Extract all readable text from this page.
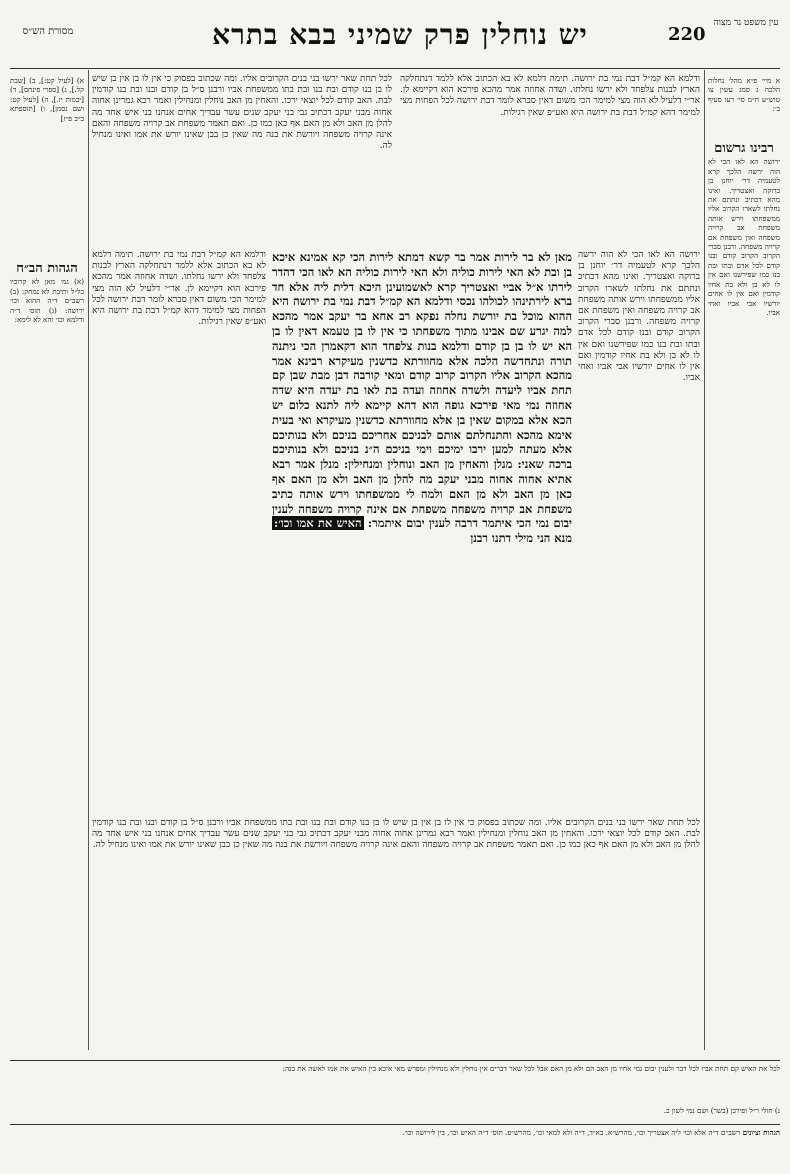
עין משפט נר מצוה
220
יש נוחלין פרק שמיני בבא בתרא
מסורת הש״ס
א מיי׳ פ״א מהל׳ נחלות הלכה ג סמג עשין צו טוש״ע ח״מ סי׳ רעו סעיף ב׳:
רבינו גרשום
ירושה הא לאו הכי לא הוה ירשה הלכך קרא לטעמיה דר׳ יוחנן בן ברוקה ואצטריך. ואינו מהא דכתיב ונתתם את נחלתו לשארו הקרוב אליו ממשפחתו וירש אותה משפחת אב קרויה משפחה ואין משפחת אם קרויה משפחה. ורבנן סברי הקרוב הקרוב קודם ובנו קודם לכל אדם ובתו ובת בנו כמו שפירשנו ואם אין לו לא בן ולא בת אחיו קודמין ואם אין לו אחים יורשיו אבי אביו ואחי אביו.
א) [לעיל קט:], ב) [שבת קל.], ג) [ספרי פינחס], ד) [יבמות יז.], ה) [לעיל קט: ושם נסמן], ו) [תוספתא ב״ב פ״ז]
הגהות הב״ח
(א) גמ׳ מאן לא קרוביו כל״ל ותיבת לא נמחק: (ב) רשב״ם ד״ה ההוא וכו׳ ירושה: (ג) תוס׳ ד״ה ודלמא וכו׳ והא לא לימא:
ודלמא הא קמ״ל דבת נמי בת ירושה. תימה דלמא לא בא הכתוב אלא ללמד דנתחלקה הארץ לבנות צלפחד ולא ירשו נחלתו. ושדה אחוזה אמר מהכא פירכא הוא דקיימא לן. אר״י דלעיל לא הוה מצי למימר הכי משום דאין סברא לומר דבת ירושה לכל הפחות מצי למימר דהא קמ״ל דבת בת ירושה היא ואע״פ שאין רגילות.
לכל תחת שאר ירשו בני בנים הקרובים אליו. ומה שכתוב בפסוק כי אין לו בן אין בן שיש לו בן בנו קודם ובת בנו ובת בתו ממשפחת אביו ורבנן ס״ל בן קודם ובנו ובת בנו קודמין לבת. האב קודם לכל יוצאי ירכו. והאחין מן האב נוחלין ומנחילין ואמר רבא גמרינן אחוה אחוה מבני יעקב דכתיב גבי בני יעקב שנים עשר עבדיך אחים אנחנו בני איש אחד מה להלן מן האב ולא מן האם אף כאן כמו כן. ואם תאמר משפחת אב קרויה משפחה והאם אינה קרויה משפחה ויורשת את בנה מה שאין כן בבן שאינו יורש את אמו ואינו מנחיל לה.
מאן לא בר לירות אמר בר קשא דמתא לירות הכי קא אמינא איכא בן ובת לא האי לירות כוליה ולא האי לירות כוליה הא לאו הכי דהדר לירתו א״ל אביי ואצטריך קרא לאשמועינן היכא דלית ליה אלא חד ברא לירתינהו לכולהו נכסי ודלמא הא קמ״ל דבת נמי בת ירושה היא ההוא מוכל בת יורשת נחלה נפקא רב אחא בר יעקב אמר מהכא למה יגרע שם אבינו מתוך משפחתו כי אין לו בן טעמא דאין לו בן הא יש לו בן בן קודם ודלמא בנות צלפחד הוא דקאמרן הכי ניתנה תורה ונתחדשה הלכה אלא מחוורתא כדשנין מעיקרא רבינא אמר מהכא הקרוב אליו הקרוב קרוב קודם ומאי קורבה דבן מבת שבן קם תחת אביו ליעדה ולשדה אחוזה ועדה בת לאו בת יעדה היא שדה אחוזה נמי מאי פירכא גופה הוא דהא קיימא ליה לתנא כלום יש הכא אלא במקום שאין בן אלא מחוורתא כדשנין מעיקרא ואי בעית אימא מהכא והתנחלתם אותם לבניכם אחריכם בניכם ולא בנותיכם אלא מעתה למען ירבו ימיכם וימי בניכם ה״נ בניכם ולא בנותיכם ברכה שאני: מנלן והאחין מן האב ונוחלין ומנחילין: מנלן אמר רבא אתיא אחוה אחוה מבני יעקב מה להלן מן האב ולא מן האם אף כאן מן האב ולא מן האם ולמה לי ממשפחתו וירש אותה כתיב משפחת אב קרויה משפחה משפחת אם אינה קרויה משפחה לענין יבום נמי הכי איתמר דרבה לענין יבום איתמר: האיש את אמו וכו׳: מנא הני מילי דתנו רבנן
ירושה הא לאו הכי לא הוה ירשה הלכך קרא לטעמיה דר׳ יוחנן בן ברוקה ואצטריך. ואינו מהא דכתיב ונתתם את נחלתו לשארו הקרוב אליו ממשפחתו וירש אותה משפחת אב קרויה משפחה ואין משפחת אם קרויה משפחה. ורבנן סברי הקרוב הקרוב קודם ובנו קודם לכל אדם ובתו ובת בנו כמו שפירשנו ואם אין לו לא בן ולא בת אחיו קודמין ואם אין לו אחים יורשיו אבי אביו ואחי אביו.
ודלמא הא קמ״ל דבת נמי בת ירושה. תימה דלמא לא בא הכתוב אלא ללמד דנתחלקה הארץ לבנות צלפחד ולא ירשו נחלתו. ושדה אחוזה אמר מהכא פירכא הוא דקיימא לן. אר״י דלעיל לא הוה מצי למימר הכי משום דאין סברא לומר דבת ירושה לכל הפחות מצי למימר דהא קמ״ל דבת בת ירושה היא ואע״פ שאין רגילות.
לכל תחת שאר ירשו בני בנים הקרובים אליו. ומה שכתוב בפסוק כי אין לו בן אין בן שיש לו בן בנו קודם ובת בנו ובת בתו ממשפחת אביו ורבנן ס״ל בן קודם ובנו ובת בנו קודמין לבת. האב קודם לכל יוצאי ירכו. והאחין מן האב נוחלין ומנחילין ואמר רבא גמרינן אחוה אחוה מבני יעקב דכתיב גבי בני יעקב שנים עשר עבדיך אחים אנחנו בני איש אחד מה להלן מן האב ולא מן האם אף כאן כמו כן. ואם תאמר משפחת אב קרויה משפחה והאם אינה קרויה משפחה ויורשת את בנה מה שאין כן בבן שאינו יורש את אמו ואינו מנחיל לה.
לכל את האיש קם תחת אביו לכל דבר ולענין יבום נמי אחיו מן האב הם ולא מן האם אבל לכל שאר דברים אין נוחלין ולא מנחילין ומפרש מאי איכא בין האיש את אמו לאשה את בנה:
נ) חולי ר״ל ופירכן (בשר) ושם נמי לשון כ.
הגהות וציונים רשב״ם ד״ה אלא וכו׳ ליה אצטריך וכו׳, מהרש״א. בא״ד, ד״ה ולא למאי וכו׳, מהרש״פ. תוס׳ ד״ה האיש וכו׳, בין לירושה וכו׳.
